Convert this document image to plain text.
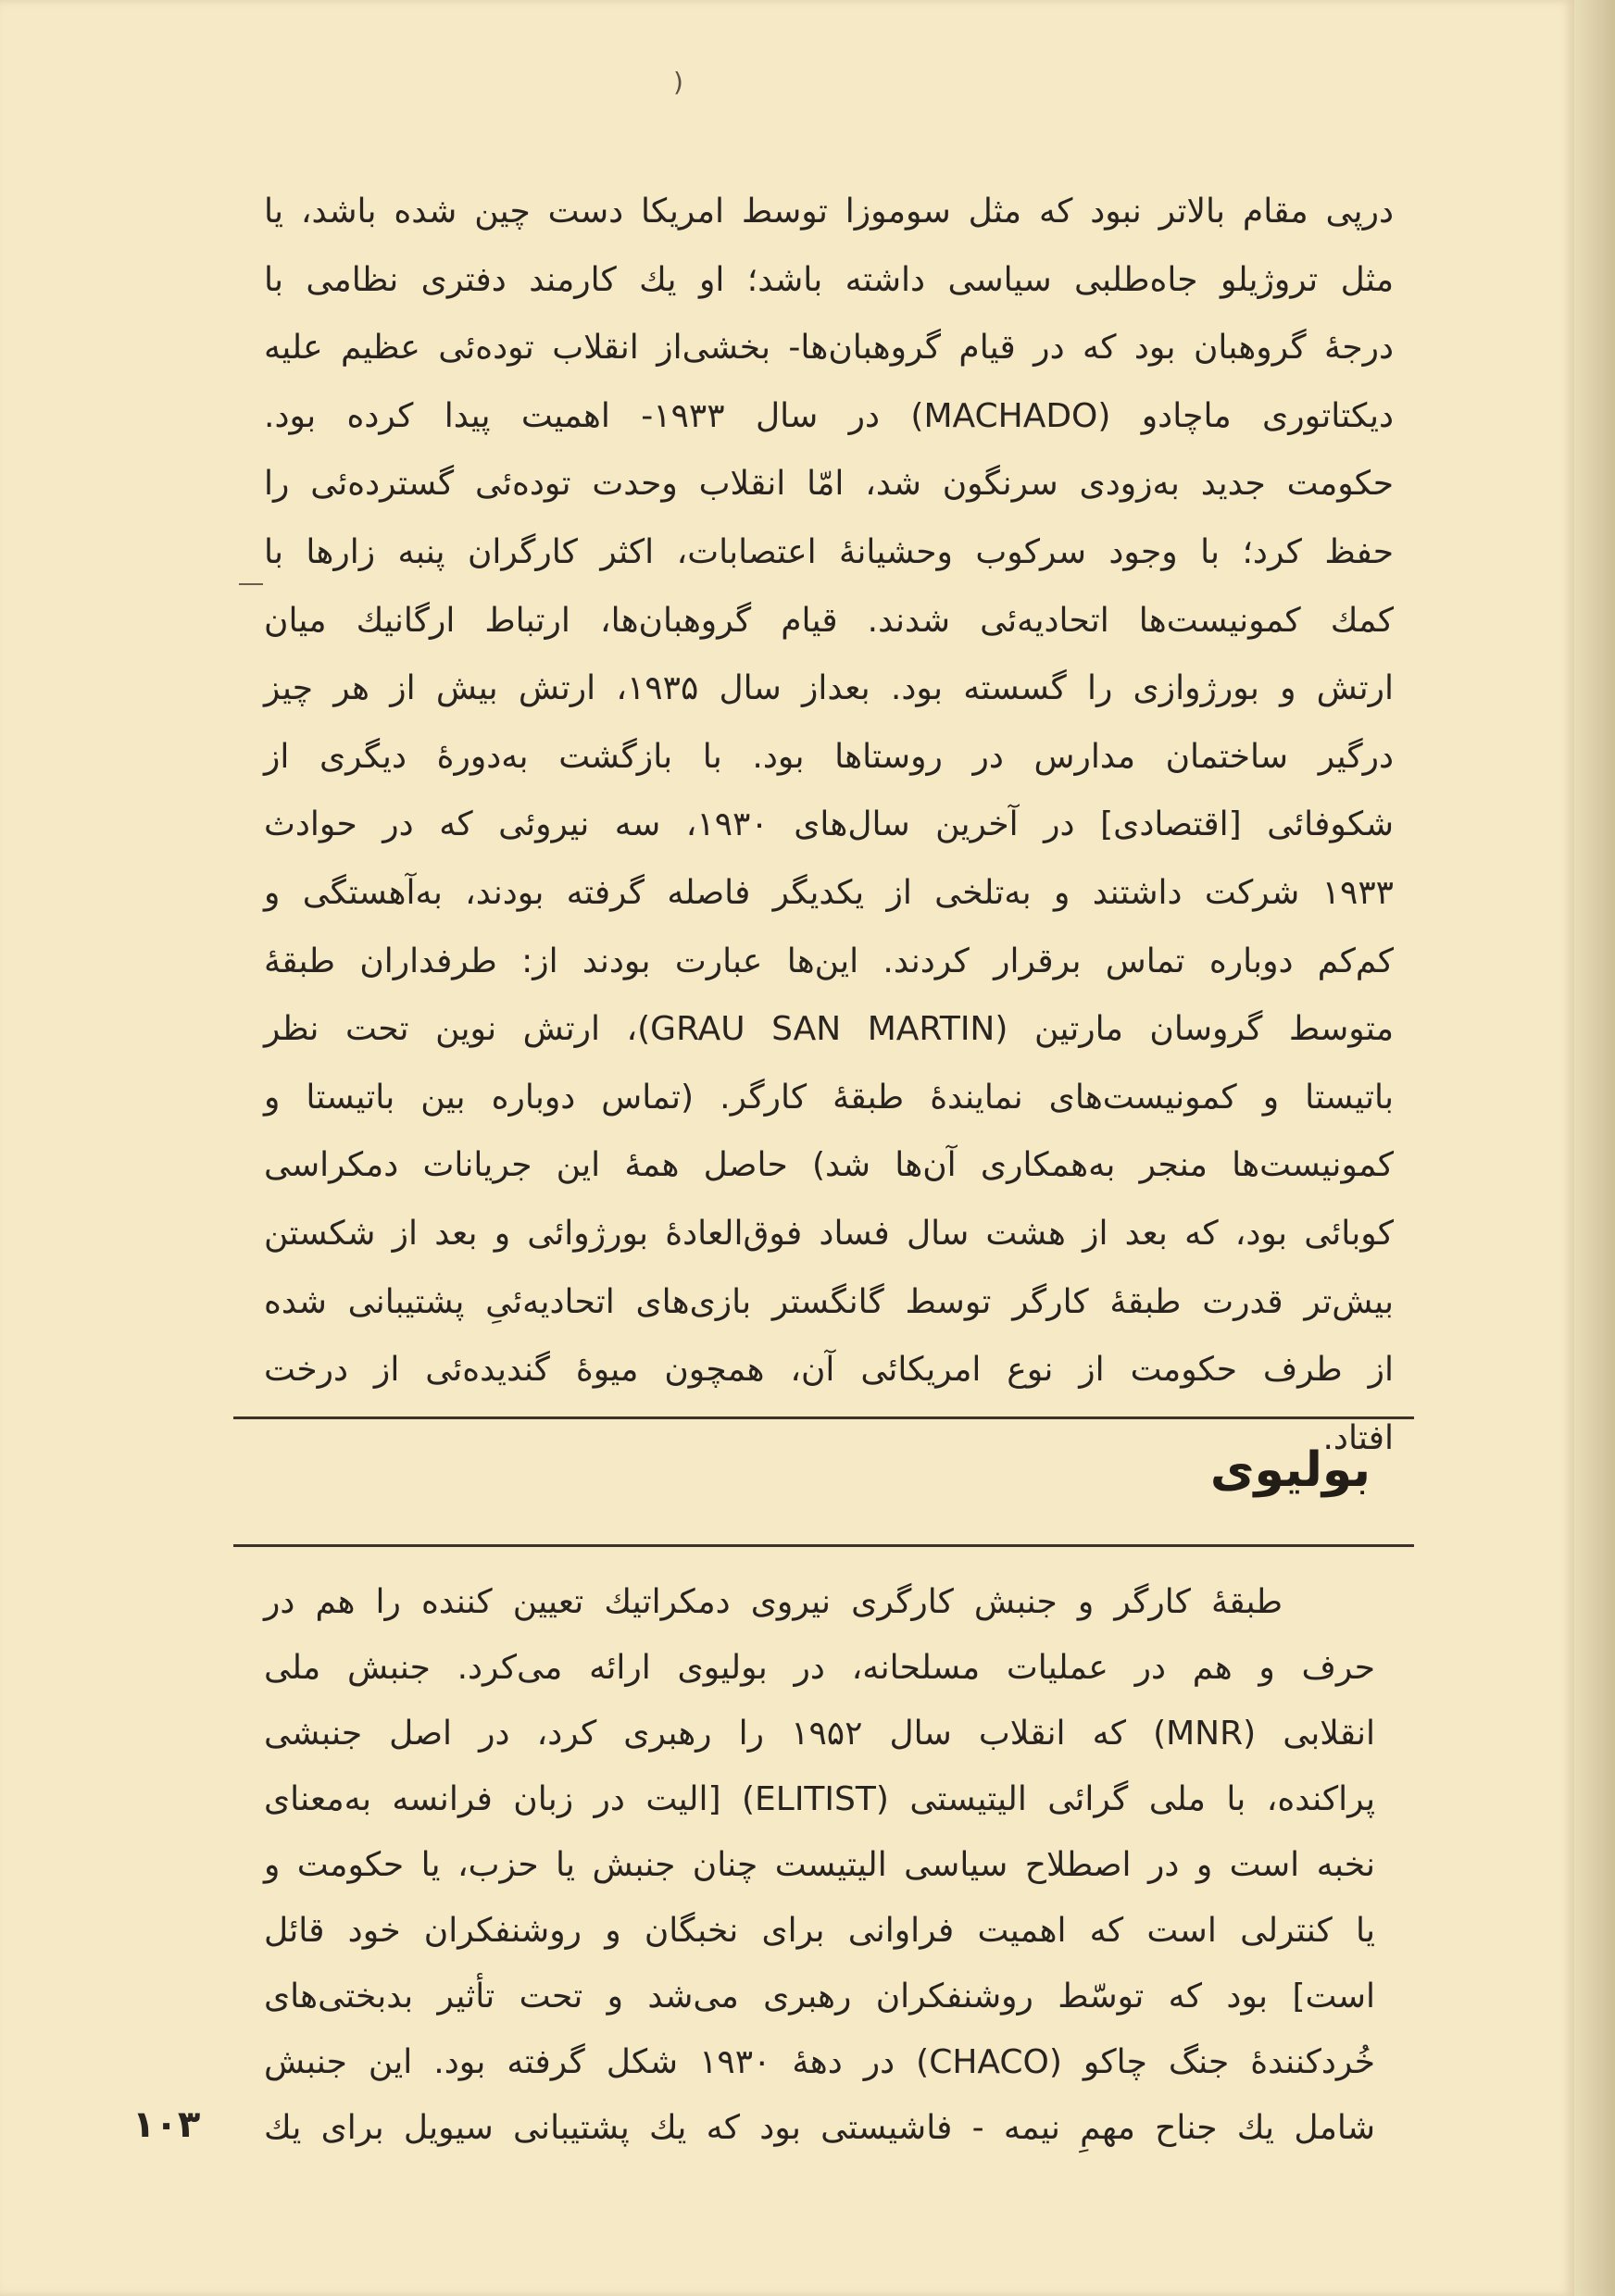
)

درپی مقام بالاتر نبود که مثل سوموزا توسط امریکا دست چین شده باشد، یا

مثل تروژیلو جاه‌طلبی سیاسی داشته باشد؛ او یك کارمند دفتری نظامی با

درجهٔ گروهبان بود که در قیام گروهبان‌ها- بخشی‌از انقلاب توده‌ئی عظیم علیه

دیکتاتوری ماچادو (MACHADO) در سال ۱۹۳۳- اهمیت پیدا کرده بود.

حکومت جدید به‌زودی سرنگون شد، امّا انقلاب وحدت توده‌ئی گسترده‌ئی را

حفظ کرد؛ با وجود سرکوب وحشیانهٔ اعتصابات، اکثر کارگران پنبه زارها با

کمك کمونیست‌ها اتحادیه‌ئی شدند. قیام گروهبان‌ها، ارتباط ارگانیك میان

ارتش و بورژوازی را گسسته بود. بعداز سال ۱۹۳۵، ارتش بیش از هر چیز

درگیر ساختمان مدارس در روستاها بود. با بازگشت به‌دورهٔ دیگری از

شکوفائی [اقتصادی] در آخرین سال‌های ۱۹۳۰، سه نیروئی که در حوادث

۱۹۳۳ شرکت داشتند و به‌تلخی از یکدیگر فاصله گرفته بودند، به‌آهستگی و

کم‌کم دوباره تماس برقرار کردند. این‌ها عبارت بودند از: طرفداران طبقهٔ

متوسط گروسان مارتین (GRAU SAN MARTIN)، ارتش نوین تحت نظر

باتیستا و کمونیست‌های نمایندهٔ طبقهٔ کارگر. (تماس دوباره بین باتیستا و

کمونیست‌ها منجر به‌همکاری آن‌ها شد) حاصل همهٔ این جریانات دمکراسی

کوبائی بود، که بعد از هشت سال فساد فوق‌العادهٔ بورژوائی و بعد از شکستن

بیش‌تر قدرت طبقهٔ کارگر توسط گانگستر بازی‌های اتحادیه‌ئیِ پشتیبانی شده

از طرف حکومت از نوع امریکائی آن، همچون میوهٔ گندیده‌ئی از درخت

افتاد.

بولیوی

طبقهٔ کارگر و جنبش کارگری نیروی دمکراتیك تعیین کننده را هم در

حرف و هم در عملیات مسلحانه، در بولیوی ارائه می‌کرد. جنبش ملی

انقلابی (MNR) که انقلاب سال ۱۹۵۲ را رهبری کرد، در اصل جنبشی

پراکنده، با ملی گرائی الیتیستی (ELITIST) [الیت در زبان فرانسه به‌معنای

نخبه است و در اصطلاح سیاسی الیتیست چنان جنبش یا حزب، یا حکومت و

یا کنترلی است که اهمیت فراوانی برای نخبگان و روشنفکران خود قائل

است] بود که توسّط روشنفکران رهبری می‌شد و تحت تأثیر بدبختی‌های

خُردکنندهٔ جنگ چاکو (CHACO) در دههٔ ۱۹۳۰ شکل گرفته بود. این جنبش

شامل یك جناح مهمِ نیمه - فاشیستی بود که یك پشتیبانی سیویل برای یك

۱۰۳
